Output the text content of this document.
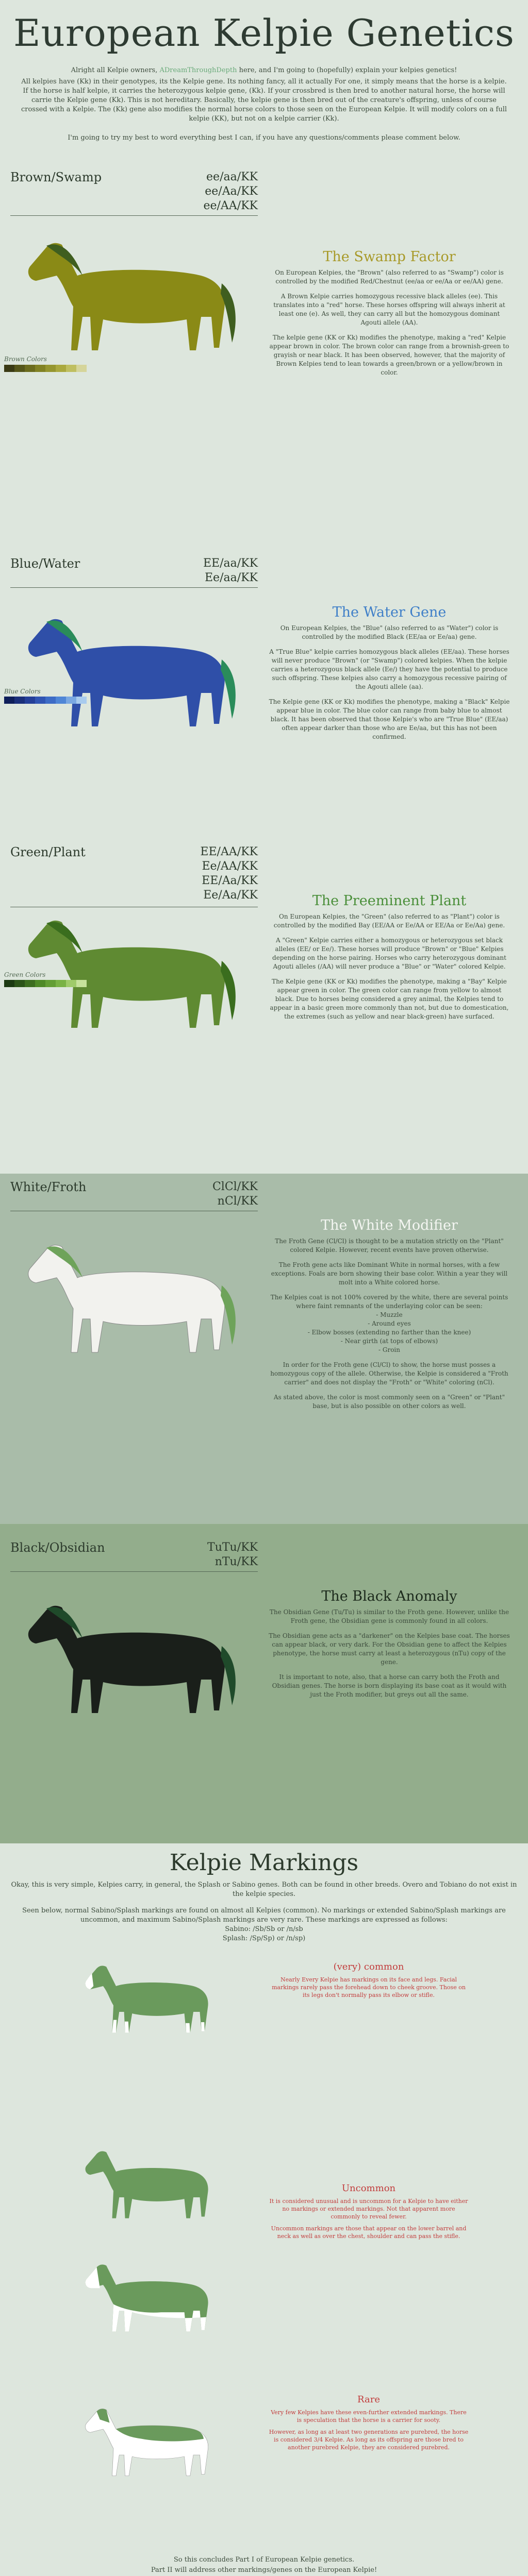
European Kelpie Genetics

Alright all Kelpie owners, ADreamThroughDepth here, and I'm going to (hopefully) explain your kelpies genetics!

All kelpies have (Kk) in their genotypes, its the Kelpie gene. Its nothing fancy, all it actually For one, it simply means that the horse is a kelpie. If the horse is half kelpie, it carries the heterozygous kelpie gene, (Kk). If your crossbred is then bred to another natural horse, the horse will carrie the Kelpie gene (Kk). This is not hereditary. Basically, the kelpie gene is then bred out of the creature's offspring, unless of course crossed with a Kelpie. The (Kk) gene also modifies the normal horse colors to those seen on the European Kelpie. It will modify colors on a full kelpie (KK), but not on a kelpie carrier (Kk).

I'm going to try my best to word everything best I can, if you have any questions/comments please comment below.
Brown/Swamp	ee/aa/KK
ee/Aa/KK
ee/AA/KK
Brown Colors
The Swamp Factor

On European Kelpies, the "Brown" (also referred to as "Swamp") color is controlled by the modified Red/Chestnut (ee/aa or ee/Aa or ee/AA) gene.

A Brown Kelpie carries homozygous recessive black alleles (ee). This translates into a "red" horse. These horses offspring will always inherit at least one (e). As well, they can carry all but the homozygous dominant Agouti allele (AA).

The kelpie gene (KK or Kk) modifies the phenotype, making a "red" Kelpie appear brown in color. The brown color can range from a brownish-green to grayish or near black. It has been observed, however, that the majority of Brown Kelpies tend to lean towards a green/brown or a yellow/brown in color.

Blue/Water	EE/aa/KK
Ee/aa/KK
Blue Colors
The Water Gene

On European Kelpies, the "Blue" (also referred to as "Water") color is controlled by the modified Black (EE/aa or Ee/aa) gene.

A "True Blue" kelpie carries homozygous black alleles (EE/aa). These horses will never produce "Brown" (or "Swamp") colored kelpies. When the kelpie carries a heterozygous black allele (Ee/) they have the potential to produce such offspring. These kelpies also carry a homozygous recessive pairing of the Agouti allele (aa).

The Kelpie gene (KK or Kk) modifies the phenotype, making a "Black" Kelpie appear blue in color. The blue color can range from baby blue to almost black. It has been observed that those Kelpie's who are "True Blue" (EE/aa) often appear darker than those who are Ee/aa, but this has not been confirmed.

Green/Plant	EE/AA/KK
Ee/AA/KK
EE/Aa/KK
Ee/Aa/KK
Green Colors
The Preeminent Plant

On European Kelpies, the "Green" (also referred to as "Plant") color is controlled by the modified Bay (EE/AA or Ee/AA or EE/Aa or Ee/Aa) gene.

A "Green" Kelpie carries either a homozygous or heterozygous set black alleles (EE/ or Ee/). These horses will produce "Brown" or "Blue" Kelpies depending on the horse pairing. Horses who carry heterozygous dominant Agouti alleles (/AA) will never produce a "Blue" or "Water" colored Kelpie.

The Kelpie gene (KK or Kk) modifies the phenotype, making a "Bay" Kelpie appear green in color. The green color can range from yellow to almost black. Due to horses being considered a grey animal, the Kelpies tend to appear in a basic green more commonly than not, but due to domestication, the extremes (such as yellow and near black-green) have surfaced.

White/Froth	ClCl/KK
nCl/KK
The White Modifier

The Froth Gene (Cl/Cl) is thought to be a mutation strictly on the "Plant" colored Kelpie. However, recent events have proven otherwise.

The Froth gene acts like Dominant White in normal horses, with a few exceptions. Foals are born showing their base color. Within a year they will molt into a White colored horse.

The Kelpies coat is not 100% covered by the white, there are several points where faint remnants of the underlaying color can be seen:
- Muzzle
- Around eyes
- Elbow bosses (extending no farther than the knee)
- Near girth (at tops of elbows)
- Groin

In order for the Froth gene (Cl/Cl) to show, the horse must posses a homozygous copy of the allele. Otherwise, the Kelpie is considered a "Froth carrier" and does not display the "Froth" or "White" coloring (nCl).

As stated above, the color is most commonly seen on a "Green" or "Plant" base, but is also possible on other colors as well.

Black/Obsidian	TuTu/KK
nTu/KK
The Black Anomaly

The Obsidian Gene (Tu/Tu) is similar to the Froth gene. However, unlike the Froth gene, the Obsidian gene is commonly found in all colors.

The Obsidian gene acts as a "darkener" on the Kelpies base coat. The horses can appear black, or very dark. For the Obsidian gene to affect the Kelpies phenotype, the horse must carry at least a heterozygous (nTu) copy of the gene.

It is important to note, also, that a horse can carry both the Froth and Obsidian genes. The horse is born displaying its base coat as it would with just the Froth modifier, but greys out all the same.

Kelpie Markings
Okay, this is very simple, Kelpies carry, in general, the Splash or Sabino genes. Both can be found in other breeds. Overo and Tobiano do not exist in the kelpie species.
Seen below, normal Sabino/Splash markings are found on almost all Kelpies (common). No markings or extended Sabino/Splash markings are uncommon, and maximum Sabino/Splash markings are very rare. These markings are expressed as follows:
Sabino: /Sb/Sb or /n/sb
Splash: /Sp/Sp) or /n/sp)
(very) common

Nearly Every Kelpie has markings on its face and legs. Facial markings rarely pass the forehead down to cheek groove. Those on its legs don't normally pass its elbow or stifle.

Uncommon

It is considered unusual and is uncommon for a Kelpie to have either no markings or extended markings. Not that apparent more commonly to reveal fewer.

Uncommon markings are those that appear on the lower barrel and neck as well as over the chest, shoulder and can pass the stifle.

Rare

Very few Kelpies have these even-further extended markings. There is speculation that the horse is a carrier for sooty.

However, as long as at least two generations are purebred, the horse is considered 3/4 Kelpie. As long as its offspring are those bred to another purebred Kelpie, they are considered purebred.

So this concludes Part I of European Kelpie genetics.

Part II will address other markings/genes on the European Kelpie!
